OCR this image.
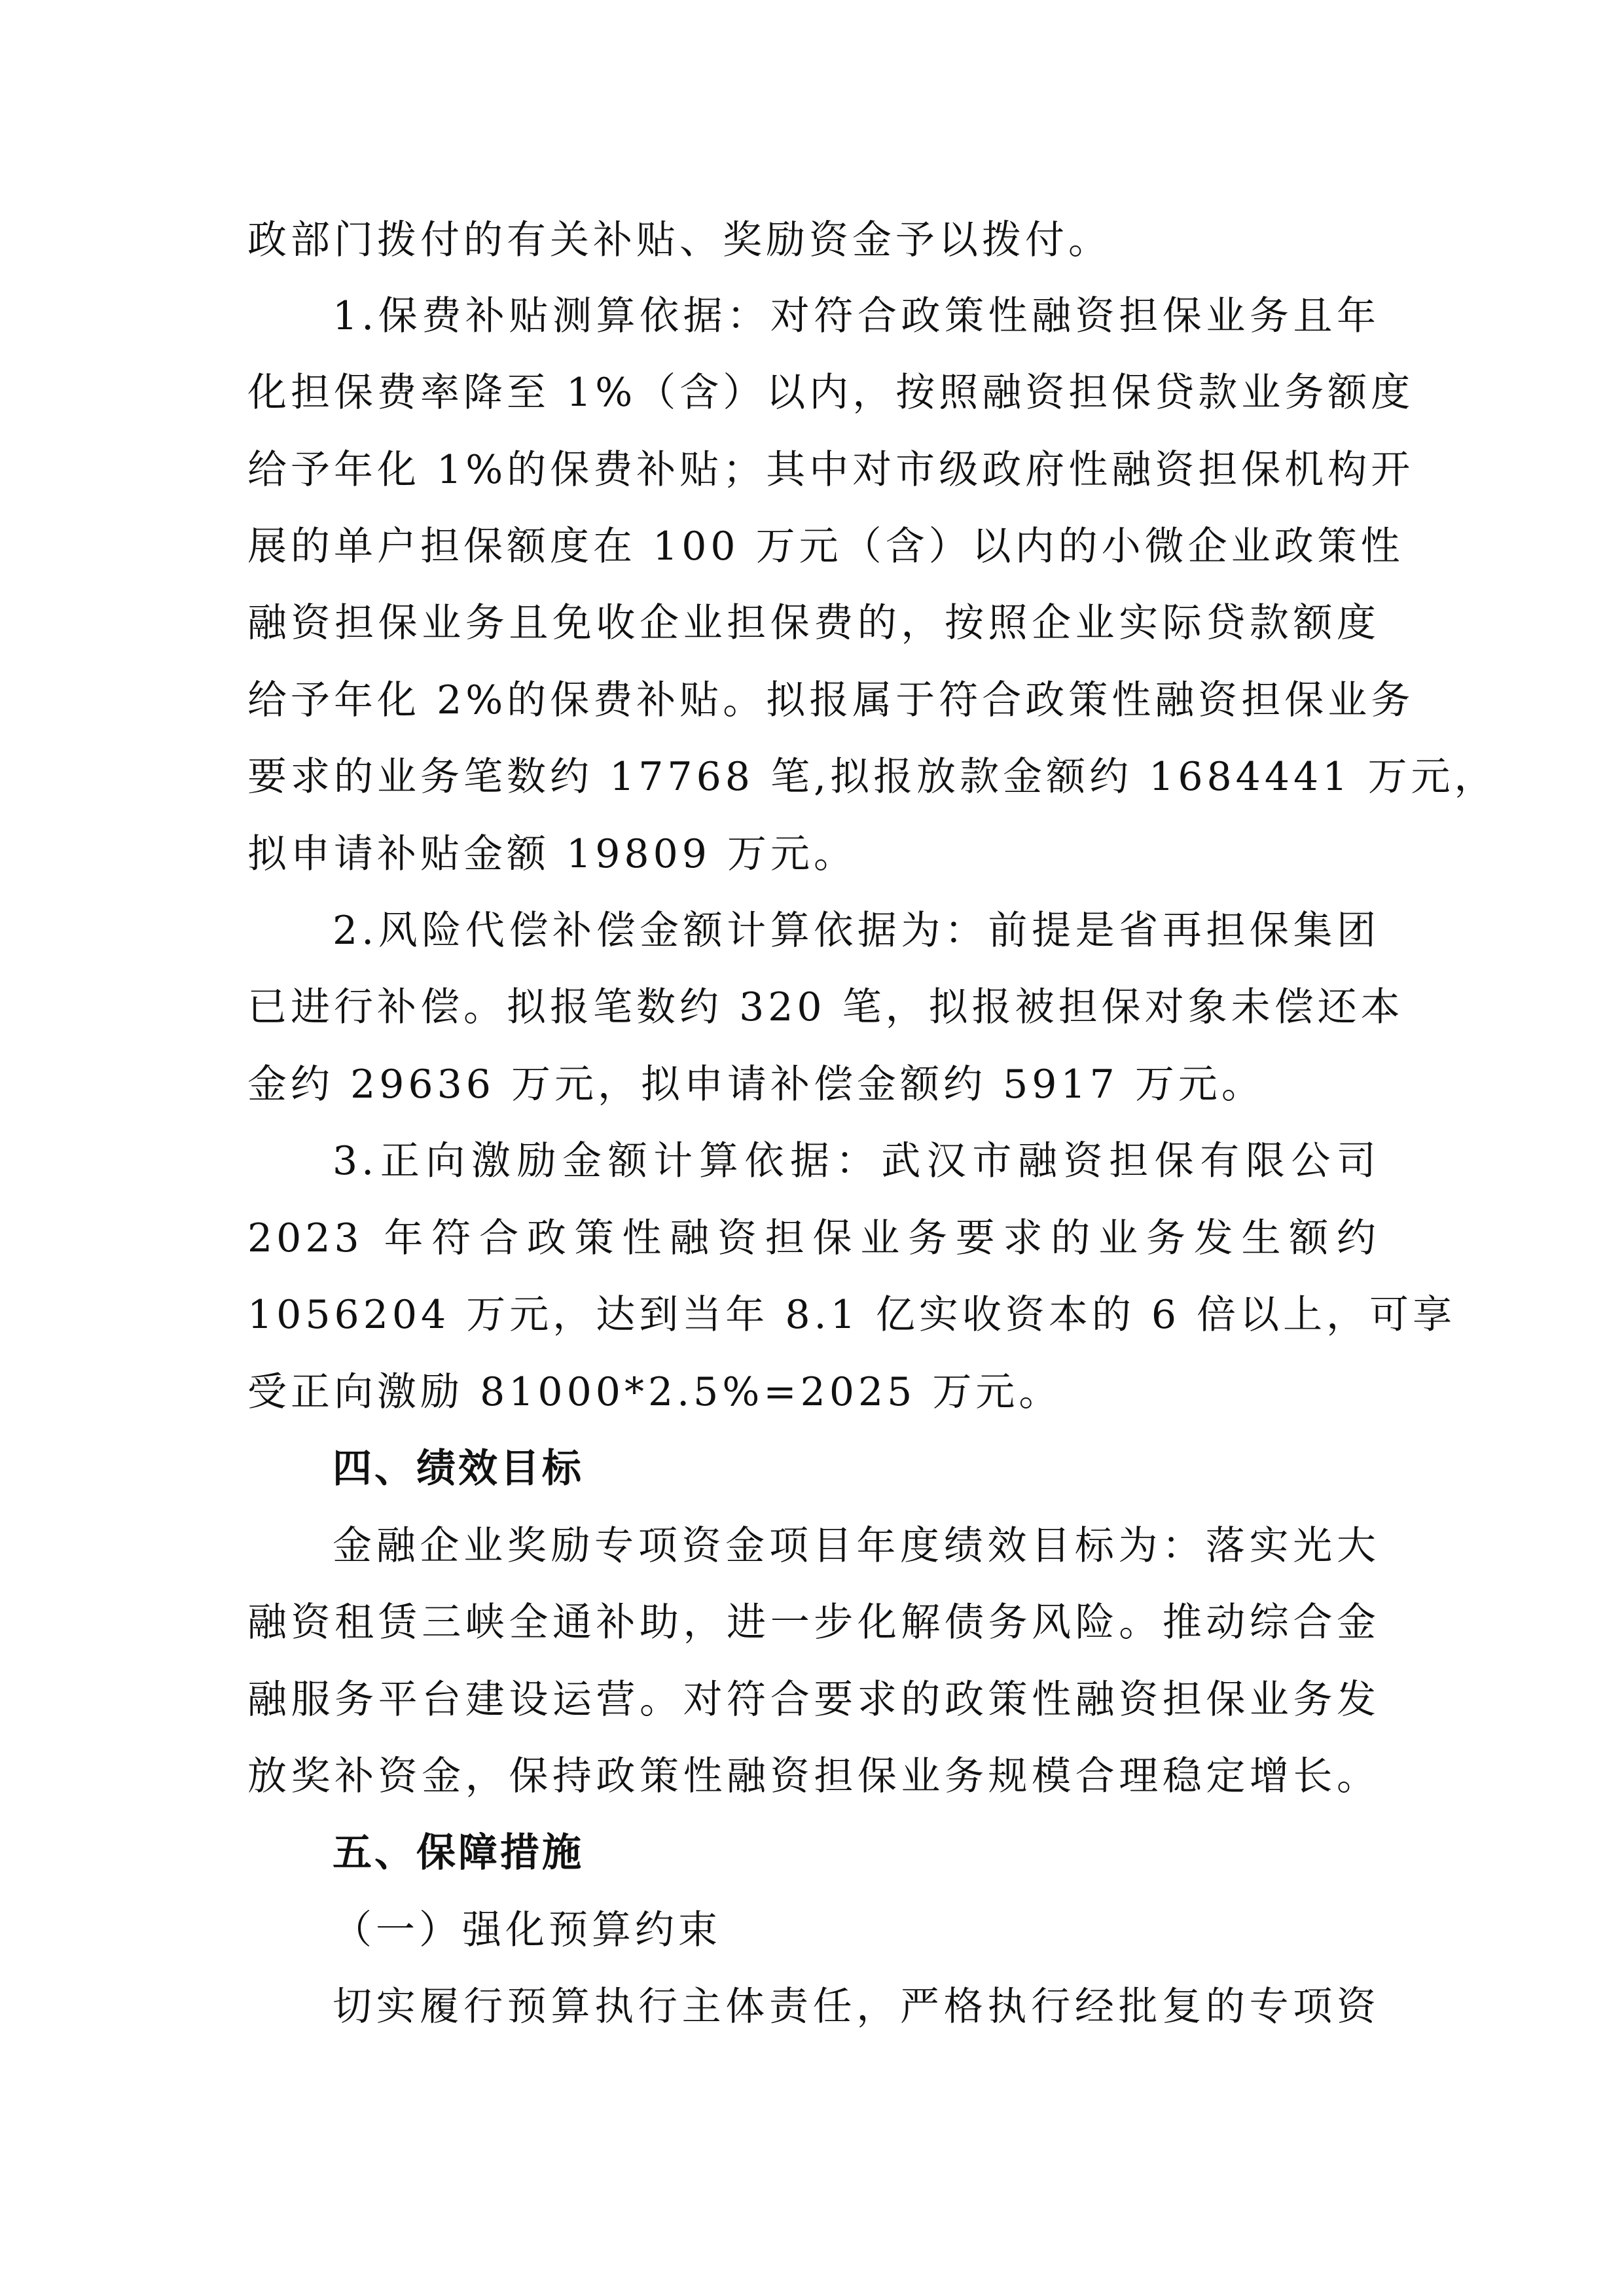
政部门拨付的有关补贴、奖励资金予以拨付。
1.保费补贴测算依据：对符合政策性融资担保业务且年
化担保费率降至 1%（含）以内，按照融资担保贷款业务额度
给予年化 1%的保费补贴；其中对市级政府性融资担保机构开
展的单户担保额度在 100 万元（含）以内的小微企业政策性
融资担保业务且免收企业担保费的，按照企业实际贷款额度
给予年化 2%的保费补贴。拟报属于符合政策性融资担保业务
要求的业务笔数约 17768 笔,拟报放款金额约 1684441 万元，
拟申请补贴金额 19809 万元。
2.风险代偿补偿金额计算依据为：前提是省再担保集团
已进行补偿。拟报笔数约 320 笔，拟报被担保对象未偿还本
金约 29636 万元，拟申请补偿金额约 5917 万元。
3.正向激励金额计算依据：武汉市融资担保有限公司
2023 年符合政策性融资担保业务要求的业务发生额约
1056204 万元，达到当年 8.1 亿实收资本的 6 倍以上，可享
受正向激励 81000*2.5%=2025 万元。
四、绩效目标
金融企业奖励专项资金项目年度绩效目标为：落实光大
融资租赁三峡全通补助，进一步化解债务风险。推动综合金
融服务平台建设运营。对符合要求的政策性融资担保业务发
放奖补资金，保持政策性融资担保业务规模合理稳定增长。
五、保障措施
（一）强化预算约束
切实履行预算执行主体责任，严格执行经批复的专项资
